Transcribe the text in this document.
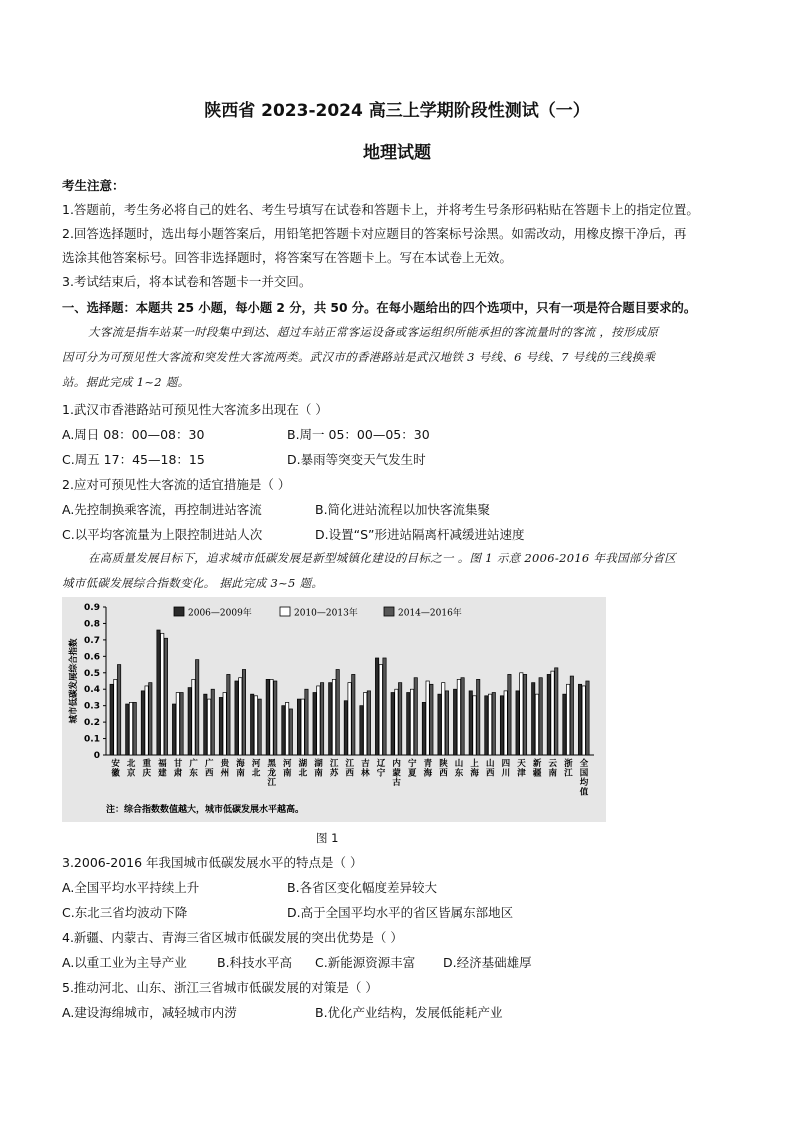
陕西省 2023-2024 高三上学期阶段性测试（一）
地理试题
考生注意：
1.答题前，考生务必将自己的姓名、考生号填写在试卷和答题卡上，并将考生号条形码粘贴在答题卡上的指定位置。
2.回答选择题时，选出每小题答案后，用铅笔把答题卡对应题目的答案标号涂黑。如需改动，用橡皮擦干净后，再
选涂其他答案标号。回答非选择题时，将答案写在答题卡上。写在本试卷上无效。
3.考试结束后，将本试卷和答题卡一并交回。
一、选择题：本题共 25 小题，每小题 2 分，共 50 分。在每小题给出的四个选项中，只有一项是符合题目要求的。
大客流是指车站某一时段集中到达、超过车站正常客运设备或客运组织所能承担的客流量时的客流 ，按形成原
因可分为可预见性大客流和突发性大客流两类。武汉市的香港路站是武汉地铁 3 号线、6 号线、7 号线的三线换乘
站。据此完成 1~2 题。
1.武汉市香港路站可预见性大客流多出现在（ ）
A.周日 08：00—08：30	B.周一 05：00—05：30
C.周五 17：45—18：15	D.暴雨等突变天气发生时
2.应对可预见性大客流的适宜措施是（ ）
A.先控制换乘客流，再控制进站客流	B.简化进站流程以加快客流集聚
C.以平均客流量为上限控制进站人次	D.设置“S”形进站隔离杆减缓进站速度
在高质量发展目标下，追求城市低碳发展是新型城镇化建设的目标之一 。图 1 示意 2006-2016 年我国部分省区
城市低碳发展综合指数变化。 据此完成 3~5 题。
0
0.1
0.2
0.3
0.4
0.5
0.6
0.7
0.8
0.9
城市低碳发展综合指数
安徽
北京
重庆
福建
甘肃
广东
广西
贵州
海南
河北
黑龙江
河南
湖北
湖南
江苏
江西
吉林
辽宁
内蒙古
宁夏
青海
陕西
山东
上海
山西
四川
天津
新疆
云南
浙江
全国均值
2006—2009年	2010—2013年	2014—2016年
注：综合指数数值越大，城市低碳发展水平越高。
图 1
3.2006-2016 年我国城市低碳发展水平的特点是（ ）
A.全国平均水平持续上升	B.各省区变化幅度差异较大
C.东北三省均波动下降	D.高于全国平均水平的省区皆属东部地区
4.新疆、内蒙古、青海三省区城市低碳发展的突出优势是（ ）
A.以重工业为主导产业	B.科技水平高 C.新能源资源丰富 D.经济基础雄厚
5.推动河北、山东、浙江三省城市低碳发展的对策是（ ）
A.建设海绵城市，减轻城市内涝	B.优化产业结构，发展低能耗产业
